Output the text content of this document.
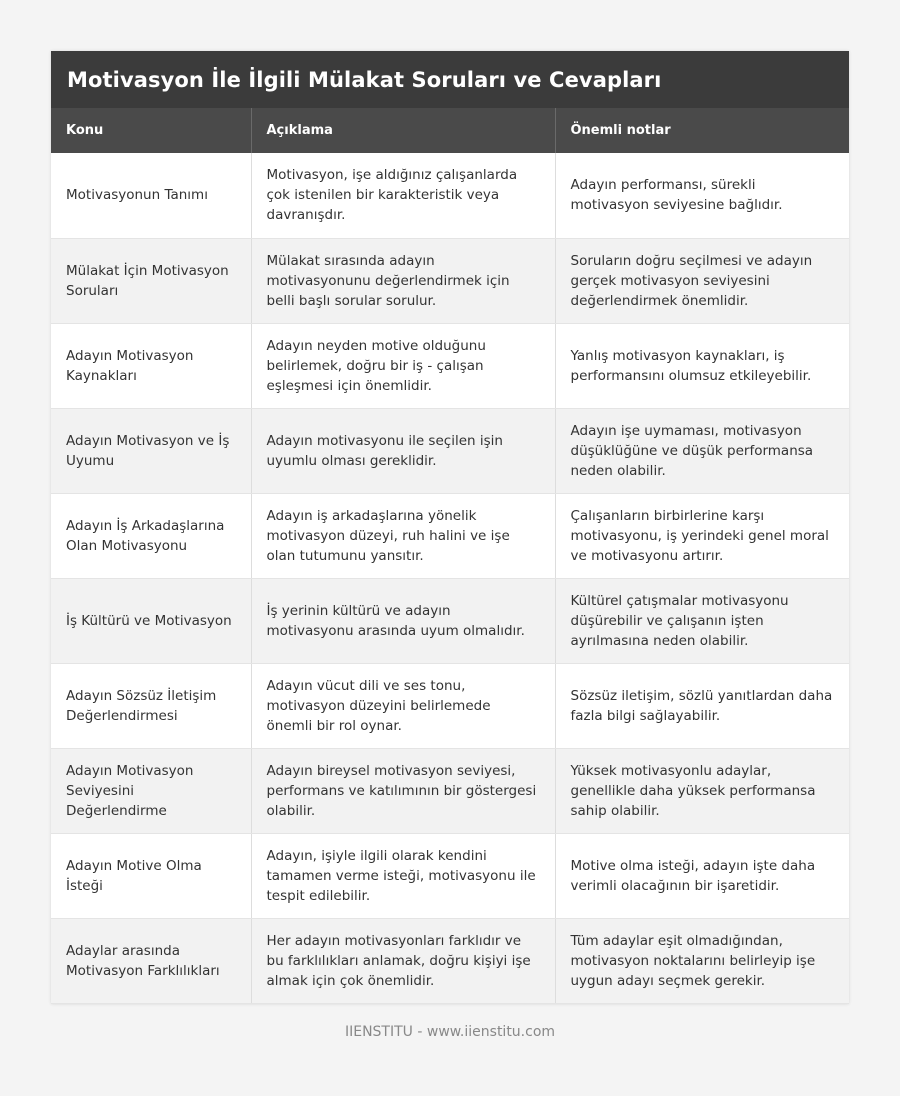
Motivasyon İle İlgili Mülakat Soruları ve Cevapları
Konu	Açıklama	Önemli notlar
Motivasyonun Tanımı	Motivasyon, işe aldığınız çalışanlarda çok istenilen bir karakteristik veya davranışdır.	Adayın performansı, sürekli motivasyon seviyesine bağlıdır.
Mülakat İçin Motivasyon Soruları	Mülakat sırasında adayın motivasyonunu değerlendirmek için belli başlı sorular sorulur.	Soruların doğru seçilmesi ve adayın gerçek motivasyon seviyesini değerlendirmek önemlidir.
Adayın Motivasyon Kaynakları	Adayın neyden motive olduğunu belirlemek, doğru bir iş - çalışan eşleşmesi için önemlidir.	Yanlış motivasyon kaynakları, iş performansını olumsuz etkileyebilir.
Adayın Motivasyon ve İş Uyumu	Adayın motivasyonu ile seçilen işin uyumlu olması gereklidir.	Adayın işe uymaması, motivasyon düşüklüğüne ve düşük performansa neden olabilir.
Adayın İş Arkadaşlarına Olan Motivasyonu	Adayın iş arkadaşlarına yönelik motivasyon düzeyi, ruh halini ve işe olan tutumunu yansıtır.	Çalışanların birbirlerine karşı motivasyonu, iş yerindeki genel moral ve motivasyonu artırır.
İş Kültürü ve Motivasyon	İş yerinin kültürü ve adayın motivasyonu arasında uyum olmalıdır.	Kültürel çatışmalar motivasyonu düşürebilir ve çalışanın işten ayrılmasına neden olabilir.
Adayın Sözsüz İletişim Değerlendirmesi	Adayın vücut dili ve ses tonu, motivasyon düzeyini belirlemede önemli bir rol oynar.	Sözsüz iletişim, sözlü yanıtlardan daha fazla bilgi sağlayabilir.
Adayın Motivasyon Seviyesini Değerlendirme	Adayın bireysel motivasyon seviyesi, performans ve katılımının bir göstergesi olabilir.	Yüksek motivasyonlu adaylar, genellikle daha yüksek performansa sahip olabilir.
Adayın Motive Olma İsteği	Adayın, işiyle ilgili olarak kendini tamamen verme isteği, motivasyonu ile tespit edilebilir.	Motive olma isteği, adayın işte daha verimli olacağının bir işaretidir.
Adaylar arasında Motivasyon Farklılıkları	Her adayın motivasyonları farklıdır ve bu farklılıkları anlamak, doğru kişiyi işe almak için çok önemlidir.	Tüm adaylar eşit olmadığından, motivasyon noktalarını belirleyip işe uygun adayı seçmek gerekir.
IIENSTITU - www.iienstitu.com
